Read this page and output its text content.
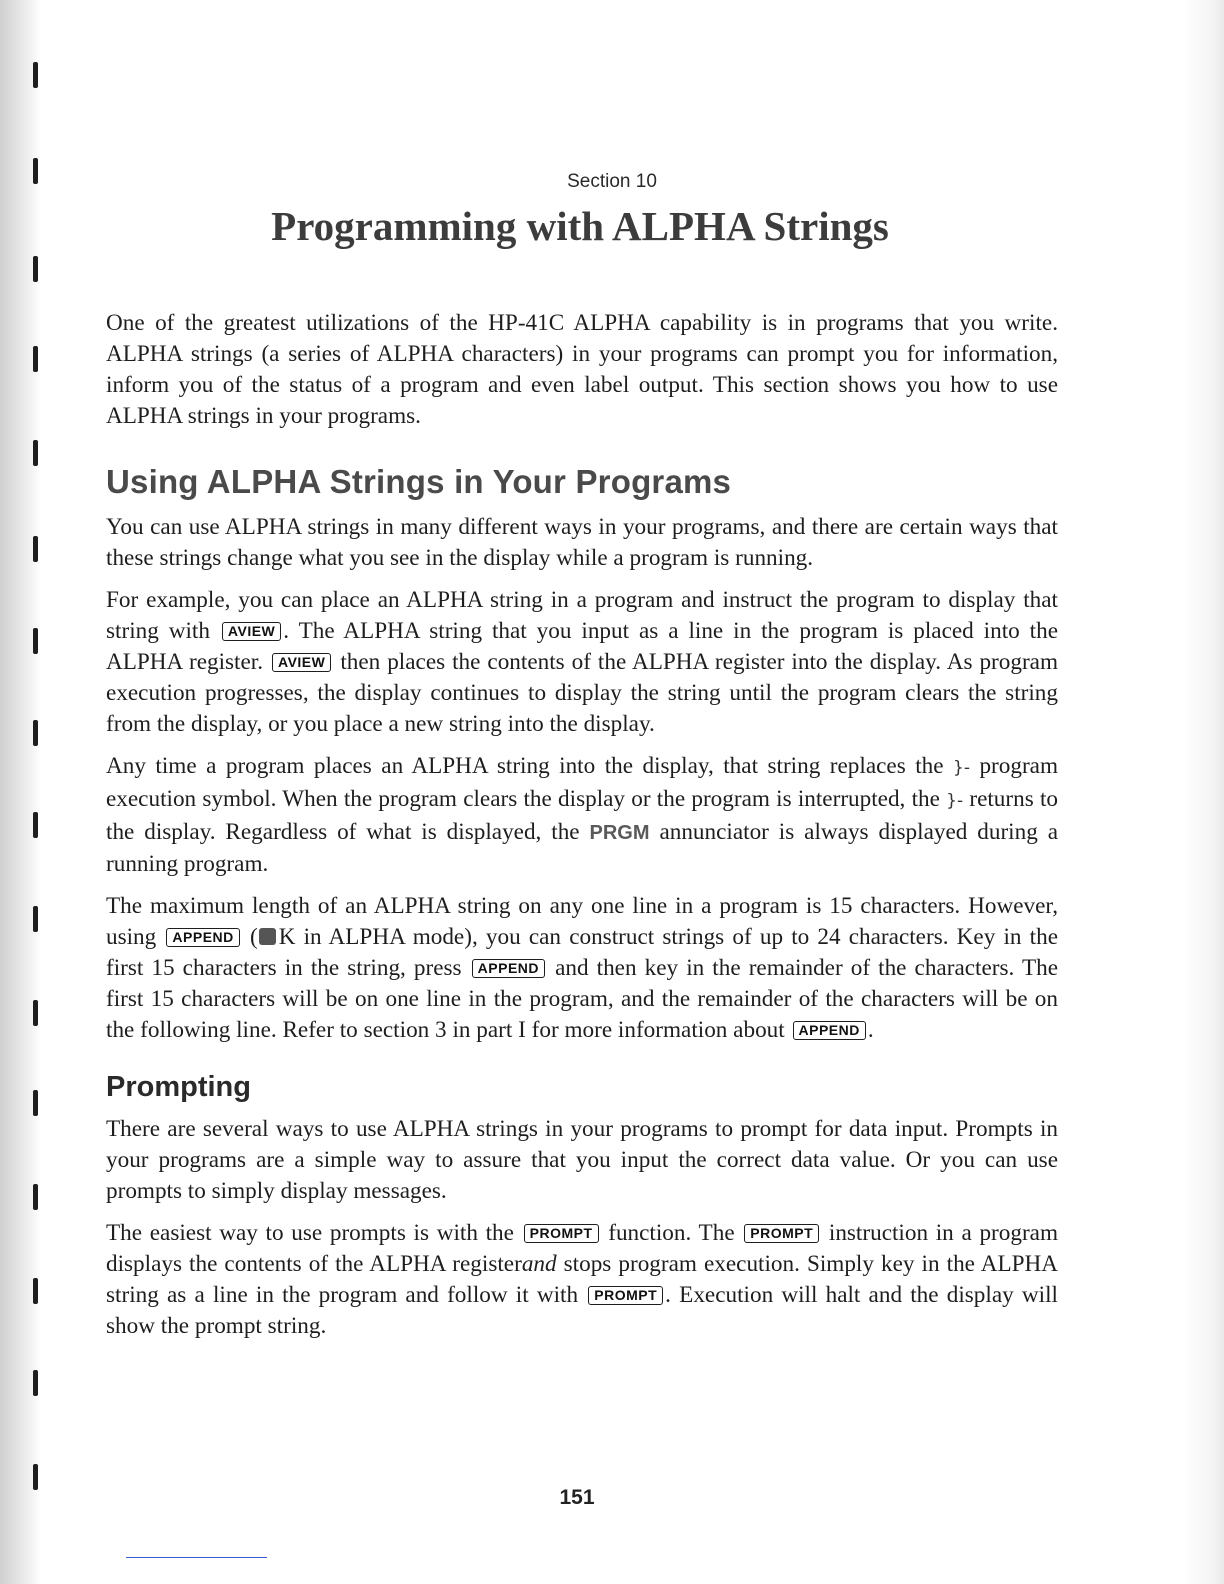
Section 10
Programming with ALPHA Strings

One of the greatest utilizations of the HP-41C ALPHA capability is in programs that you write. ALPHA strings (a series of ALPHA characters) in your programs can prompt you for information, inform you of the status of a program and even label output. This section shows you how to use ALPHA strings in your programs.

Using ALPHA Strings in Your Programs

You can use ALPHA strings in many different ways in your programs, and there are certain ways that these strings change what you see in the display while a program is running.

For example, you can place an ALPHA string in a program and instruct the program to display that string with AVIEW . The ALPHA string that you input as a line in the program is placed into the ALPHA register. AVIEW then places the contents of the ALPHA register into the display. As program execution progresses, the display continues to display the string until the program clears the string from the display, or you place a new string into the display.

Any time a program places an ALPHA string into the display, that string replaces the }- program execution symbol. When the program clears the display or the program is interrupted, the }- returns to the display. Regardless of what is displayed, the PRGM annunciator is always displayed during a running program.

The maximum length of an ALPHA string on any one line in a program is 15 characters. However, using APPEND ( K in ALPHA mode), you can construct strings of up to 24 characters. Key in the first 15 characters in the string, press APPEND and then key in the remainder of the characters. The first 15 characters will be on one line in the program, and the remainder of the characters will be on the following line. Refer to section 3 in part I for more information about APPEND .

Prompting

There are several ways to use ALPHA strings in your programs to prompt for data input. Prompts in your programs are a simple way to assure that you input the correct data value. Or you can use prompts to simply display messages.

The easiest way to use prompts is with the PROMPT function. The PROMPT instruction in a program displays the contents of the ALPHA registerand stops program execution. Simply key in the ALPHA string as a line in the program and follow it with PROMPT . Execution will halt and the display will show the prompt string.

151
